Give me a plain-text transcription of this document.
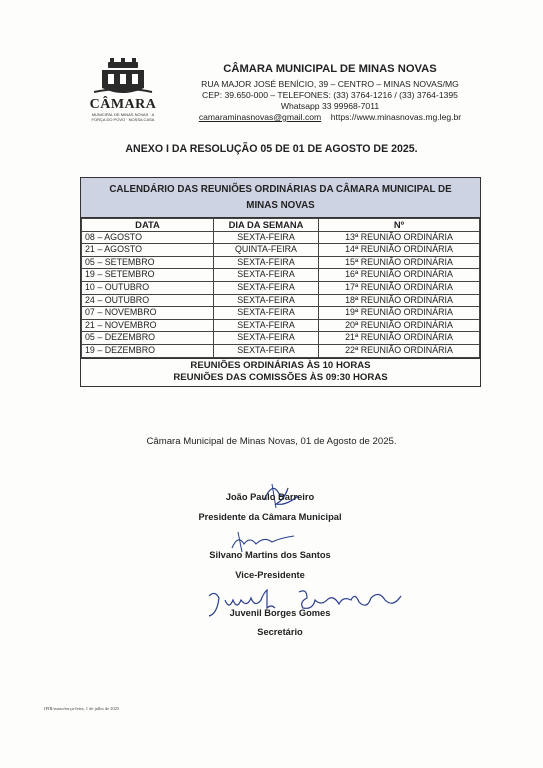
CÂMARA
MUNICIPAL DE MINAS NOVAS · A FORÇA DO POVO · NOSSA CASA
CÂMARA MUNICIPAL DE MINAS NOVAS
RUA MAJOR JOSÉ BENÍCIO, 39 – CENTRO – MINAS NOVAS/MG
CEP: 39.650-000 – TELEFONES: (33) 3764-1216 / (33) 3764-1395
Whatsapp 33 99968-7011
camaraminasnovas@gmail.com https://www.minasnovas.mg.leg.br
ANEXO I DA RESOLUÇÃO 05 DE 01 DE AGOSTO DE 2025.
CALENDÁRIO DAS REUNIÕES ORDINÁRIAS DA CÂMARA MUNICIPAL DE MINAS NOVAS
DATA	DIA DA SEMANA	Nº
08 – AGOSTO	SEXTA-FEIRA	13ª REUNIÃO ORDINÁRIA
21 – AGOSTO	QUINTA-FEIRA	14ª REUNIÃO ORDINÁRIA
05 – SETEMBRO	SEXTA-FEIRA	15ª REUNIÃO ORDINÁRIA
19 – SETEMBRO	SEXTA-FEIRA	16ª REUNIÃO ORDINÁRIA
10 – OUTUBRO	SEXTA-FEIRA	17ª REUNIÃO ORDINÁRIA
24 – OUTUBRO	SEXTA-FEIRA	18ª REUNIÃO ORDINÁRIA
07 – NOVEMBRO	SEXTA-FEIRA	19ª REUNIÃO ORDINÁRIA
21 – NOVEMBRO	SEXTA-FEIRA	20ª REUNIÃO ORDINÁRIA
05 – DEZEMBRO	SEXTA-FEIRA	21ª REUNIÃO ORDINÁRIA
19 – DEZEMBRO	SEXTA-FEIRA	22ª REUNIÃO ORDINÁRIA
REUNIÕES ORDINÁRIAS ÀS 10 HORAS
REUNIÕES DAS COMISSÕES ÀS 09:30 HORAS
Câmara Municipal de Minas Novas, 01 de Agosto de 2025.
João Paulo Barreiro
Presidente da Câmara Municipal
Silvano Martins dos Santos
Vice-Presidente
Juvenil Borges Gomes
Secretário
IPIR/ruazo/terça-feira, 1 de julho de 2025
